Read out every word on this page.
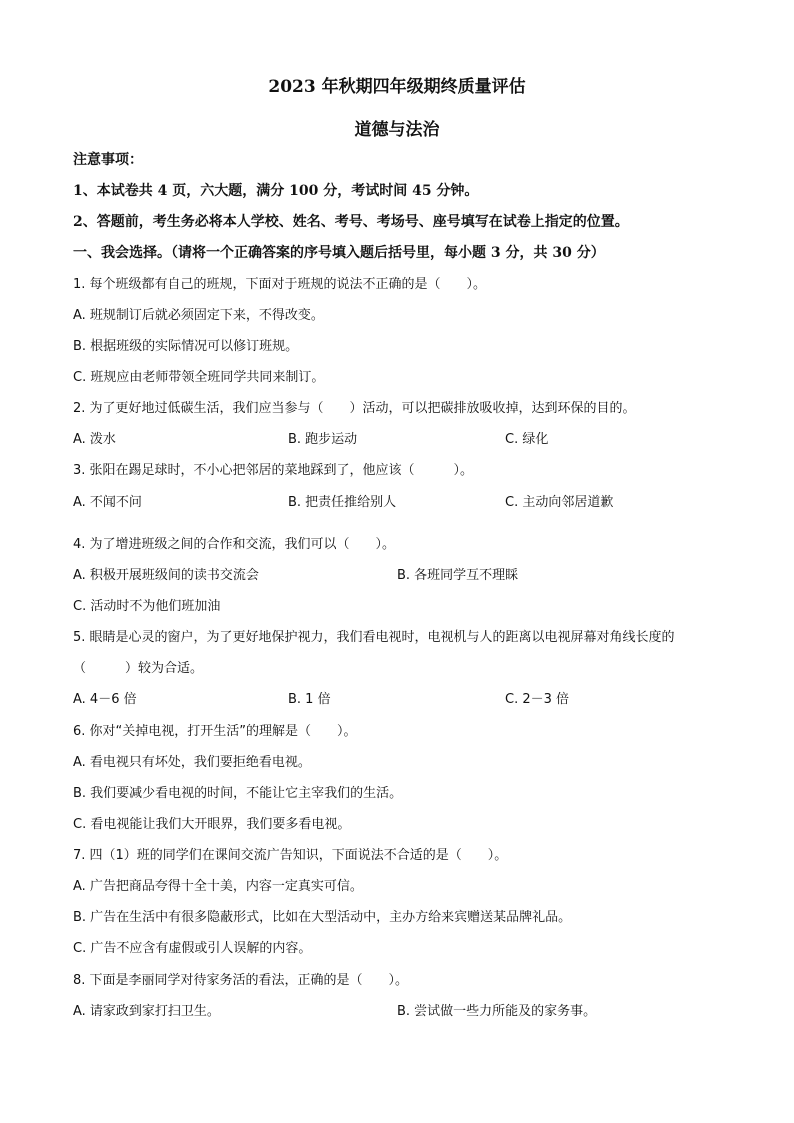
2023 年秋期四年级期终质量评估
道德与法治
注意事项：
1、本试卷共 4 页，六大题，满分 100 分，考试时间 45 分钟。
2、答题前，考生务必将本人学校、姓名、考号、考场号、座号填写在试卷上指定的位置。
一、我会选择。（请将一个正确答案的序号填入题后括号里，每小题 3 分，共 30 分）
1. 每个班级都有自己的班规，下面对于班规的说法不正确的是（　　）。
A. 班规制订后就必须固定下来，不得改变。
B. 根据班级的实际情况可以修订班规。
C. 班规应由老师带领全班同学共同来制订。
2. 为了更好地过低碳生活，我们应当参与（　　）活动，可以把碳排放吸收掉，达到环保的目的。
A. 泼水	B. 跑步运动	C. 绿化
3. 张阳在踢足球时，不小心把邻居的菜地踩到了，他应该（　　　）。
A. 不闻不问	B. 把责任推给别人	C. 主动向邻居道歉
4. 为了增进班级之间的合作和交流，我们可以（　　）。
A. 积极开展班级间的读书交流会	B. 各班同学互不理睬
C. 活动时不为他们班加油
5. 眼睛是心灵的窗户，为了更好地保护视力，我们看电视时，电视机与人的距离以电视屏幕对角线长度的
（　　　）较为合适。
A. 4－6 倍	B. 1 倍	C. 2－3 倍
6. 你对“关掉电视，打开生活”的理解是（　　）。
A. 看电视只有坏处，我们要拒绝看电视。
B. 我们要减少看电视的时间，不能让它主宰我们的生活。
C. 看电视能让我们大开眼界，我们要多看电视。
7. 四（1）班的同学们在课间交流广告知识，下面说法不合适的是（　　）。
A. 广告把商品夸得十全十美，内容一定真实可信。
B. 广告在生活中有很多隐蔽形式，比如在大型活动中，主办方给来宾赠送某品牌礼品。
C. 广告不应含有虚假或引人误解的内容。
8. 下面是李丽同学对待家务活的看法，正确的是（　　）。
A. 请家政到家打扫卫生。	B. 尝试做一些力所能及的家务事。
